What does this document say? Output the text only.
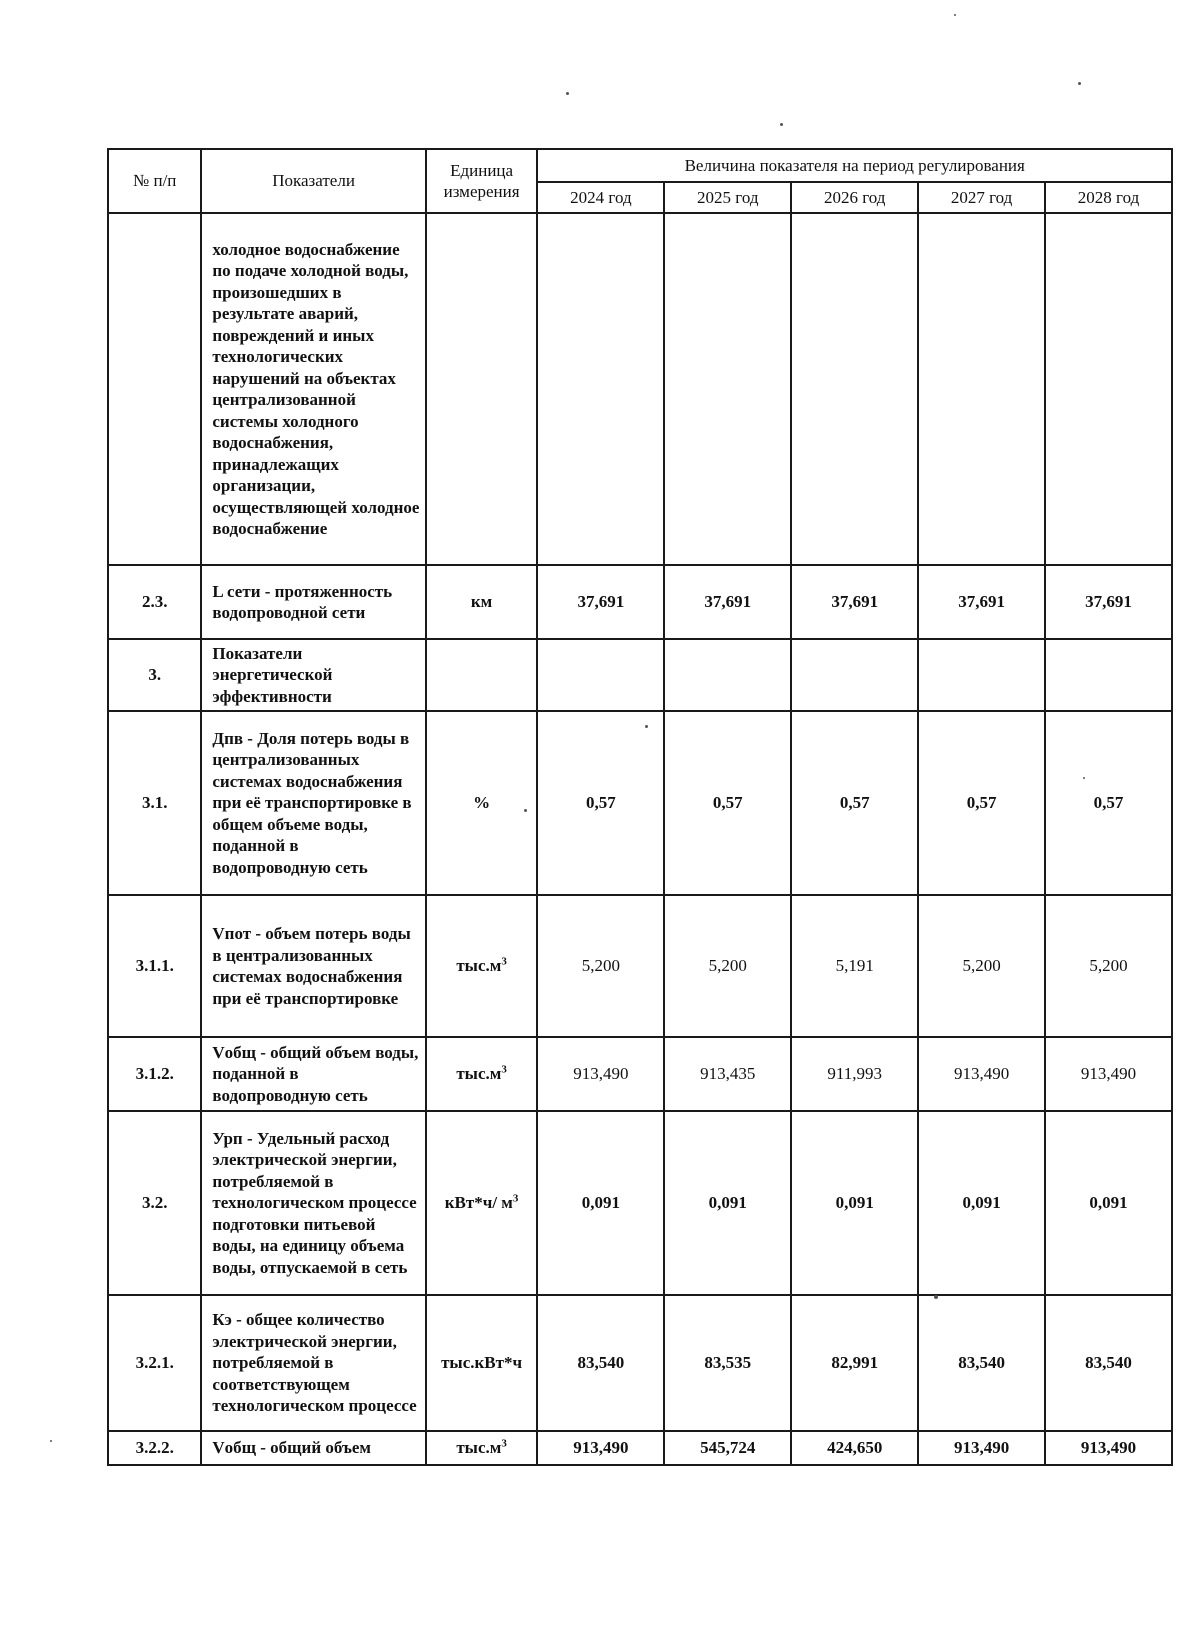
№ п/п	Показатели	Единица измерения	Величина показателя на период регулирования				
			2024 год	2025 год	2026 год	2027 год	2028 год
	холодное водоснабжение по подаче холодной воды, произошедших в результате аварий, повреждений и иных технологических нарушений на объектах централизованной системы холодного водоснабжения, принадлежащих организации, осуществляющей холодное водоснабжение						
2.3.	L сети - протяженность водопроводной сети	км	37,691	37,691	37,691	37,691	37,691
3.	Показатели энергетической эффективности						
3.1.	Дпв - Доля потерь воды в централизованных системах водоснабжения при её транспортировке в общем объеме воды, поданной в водопроводную сеть	%	0,57	0,57	0,57	0,57	0,57
3.1.1.	Vпот - объем потерь воды в централизованных системах водоснабжения при её транспортировке	$тыс.м^3$	5,200	5,200	5,191	5,200	5,200
3.1.2.	Vобщ - общий объем воды, поданной в водопроводную сеть	$тыс.м^3$	913,490	913,435	911,993	913,490	913,490
3.2.	Урп - Удельный расход электрической энергии, потребляемой в технологическом процессе подготовки питьевой воды, на единицу объема воды, отпускаемой в сеть	кВт*ч/ $м^3$	0,091	0,091	0,091	0,091	0,091
3.2.1.	Кэ - общее количество электрической энергии, потребляемой в соответствующем технологическом процессе	тыс.кВт*ч	83,540	83,535	82,991	83,540	83,540
3.2.2.	Vобщ - общий объем	$тыс.м^3$	913,490	545,724	424,650	913,490	913,490
